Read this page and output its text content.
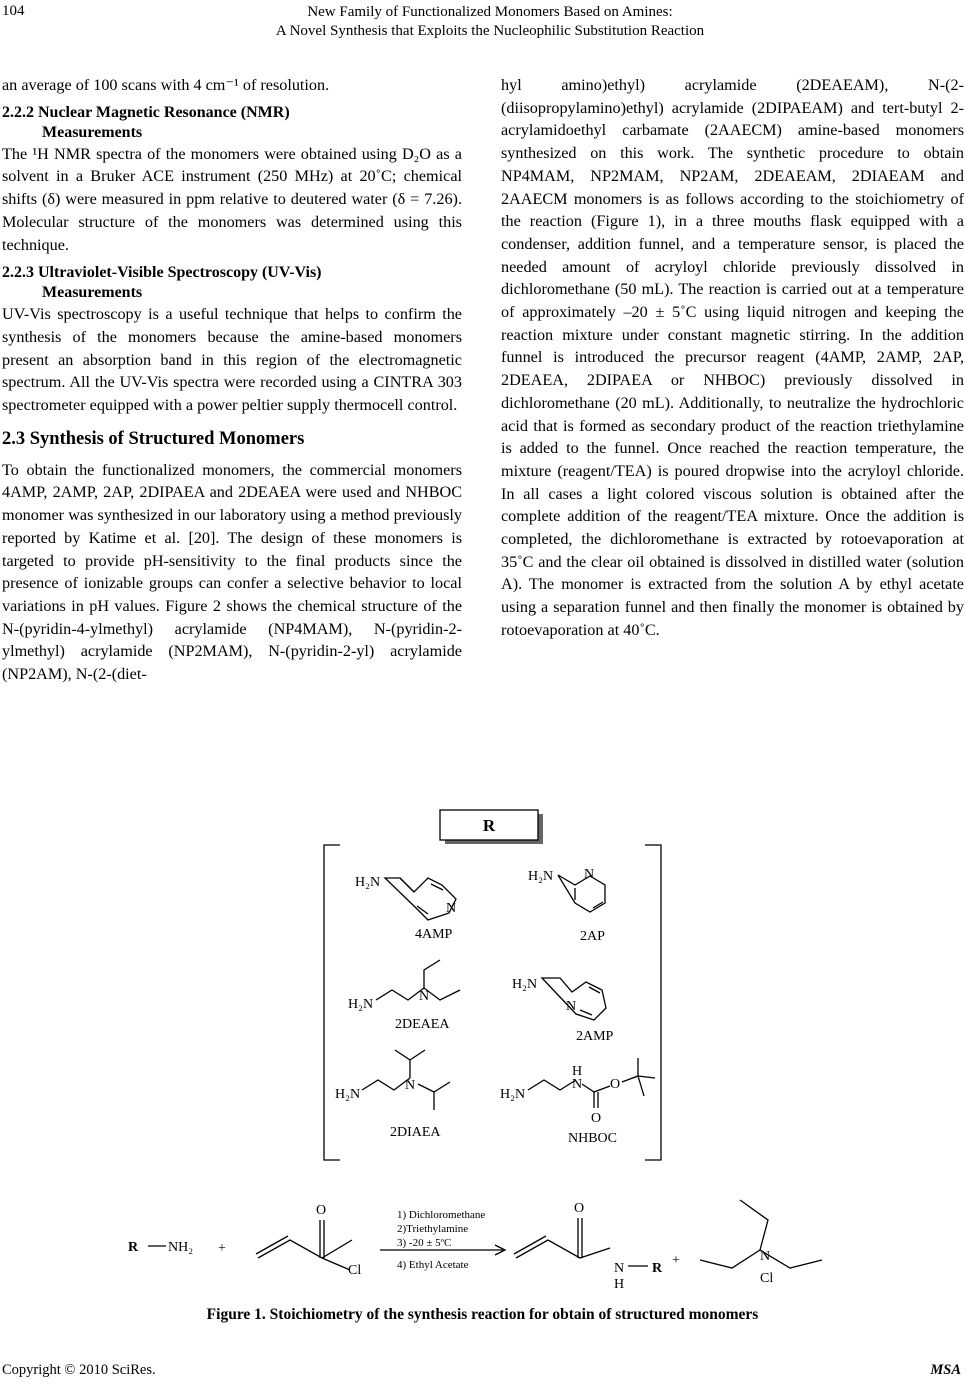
104	New Family of Functionalized Monomers Based on Amines:
A Novel Synthesis that Exploits the Nucleophilic Substitution Reaction

an average of 100 scans with 4 cm⁻¹ of resolution.

2.2.2 Nuclear Magnetic Resonance (NMR)
Measurements

The ¹H NMR spectra of the monomers were obtained using D₂O as a solvent in a Bruker ACE instrument (250 MHz) at 20˚C; chemical shifts (δ) were measured in ppm relative to deutered water (δ = 7.26). Molecular structure of the monomers was determined using this technique.

2.2.3 Ultraviolet-Visible Spectroscopy (UV-Vis)
Measurements

UV-Vis spectroscopy is a useful technique that helps to confirm the synthesis of the monomers because the amine-based monomers present an absorption band in this region of the electromagnetic spectrum. All the UV-Vis spectra were recorded using a CINTRA 303 spectrometer equipped with a power peltier supply thermocell control.

2.3 Synthesis of Structured Monomers

To obtain the functionalized monomers, the commercial monomers 4AMP, 2AMP, 2AP, 2DIPAEA and 2DEAEA were used and NHBOC monomer was synthesized in our laboratory using a method previously reported by Katime et al. [20]. The design of these monomers is targeted to provide pH-sensitivity to the final products since the presence of ionizable groups can confer a selective behavior to local variations in pH values. Figure 2 shows the chemical structure of the N-(pyridin-4-ylmethyl) acrylamide (NP4MAM), N-(pyridin-2-ylmethyl) acrylamide (NP2MAM), N-(pyridin-2-yl) acrylamide (NP2AM), N-(2-(diet-

hyl amino)ethyl) acrylamide (2DEAEAM), N-(2-(diisopropylamino)ethyl) acrylamide (2DIPAEAM) and tert-butyl 2-acrylamidoethyl carbamate (2AAECM) amine-based monomers synthesized on this work. The synthetic procedure to obtain NP4MAM, NP2MAM, NP2AM, 2DEAEAM, 2DIAEAM and 2AAECM monomers is as follows according to the stoichiometry of the reaction (Figure 1), in a three mouths flask equipped with a condenser, addition funnel, and a temperature sensor, is placed the needed amount of acryloyl chloride previously dissolved in dichloromethane (50 mL). The reaction is carried out at a temperature of approximately –20 ± 5˚C using liquid nitrogen and keeping the reaction mixture under constant magnetic stirring. In the addition funnel is introduced the precursor reagent (4AMP, 2AMP, 2AP, 2DEAEA, 2DIPAEA or NHBOC) previously dissolved in dichloromethane (20 mL). Additionally, to neutralize the hydrochloric acid that is formed as secondary product of the reaction triethylamine is added to the funnel. Once reached the reaction temperature, the mixture (reagent/TEA) is poured dropwise into the acryloyl chloride. In all cases a light colored viscous solution is obtained after the complete addition of the reagent/TEA mixture. Once the addition is completed, the dichloromethane is extracted by rotoevaporation at 35˚C and the clear oil obtained is dissolved in distilled water (solution A). The monomer is extracted from the solution A by ethyl acetate using a separation funnel and then finally the monomer is obtained by rotoevaporation at 40˚C.

R
H₂N
N
4AMP
H₂N N
2AP
H₂N
N
2DEAEA
H₂N
N
2AMP
H₂N
N
2DIAEA
H₂N
H
N O
O
NHBOC
R NH₂ +
O
Cl
1) Dichloromethane
2)Triethylamine
3) -20 ± 5ºC
4) Ethyl Acetate
O
N
H
R
+	N
Cl
Figure 1. Stoichiometry of the synthesis reaction for obtain of structured monomers
Copyright © 2010 SciRes.	MSA
